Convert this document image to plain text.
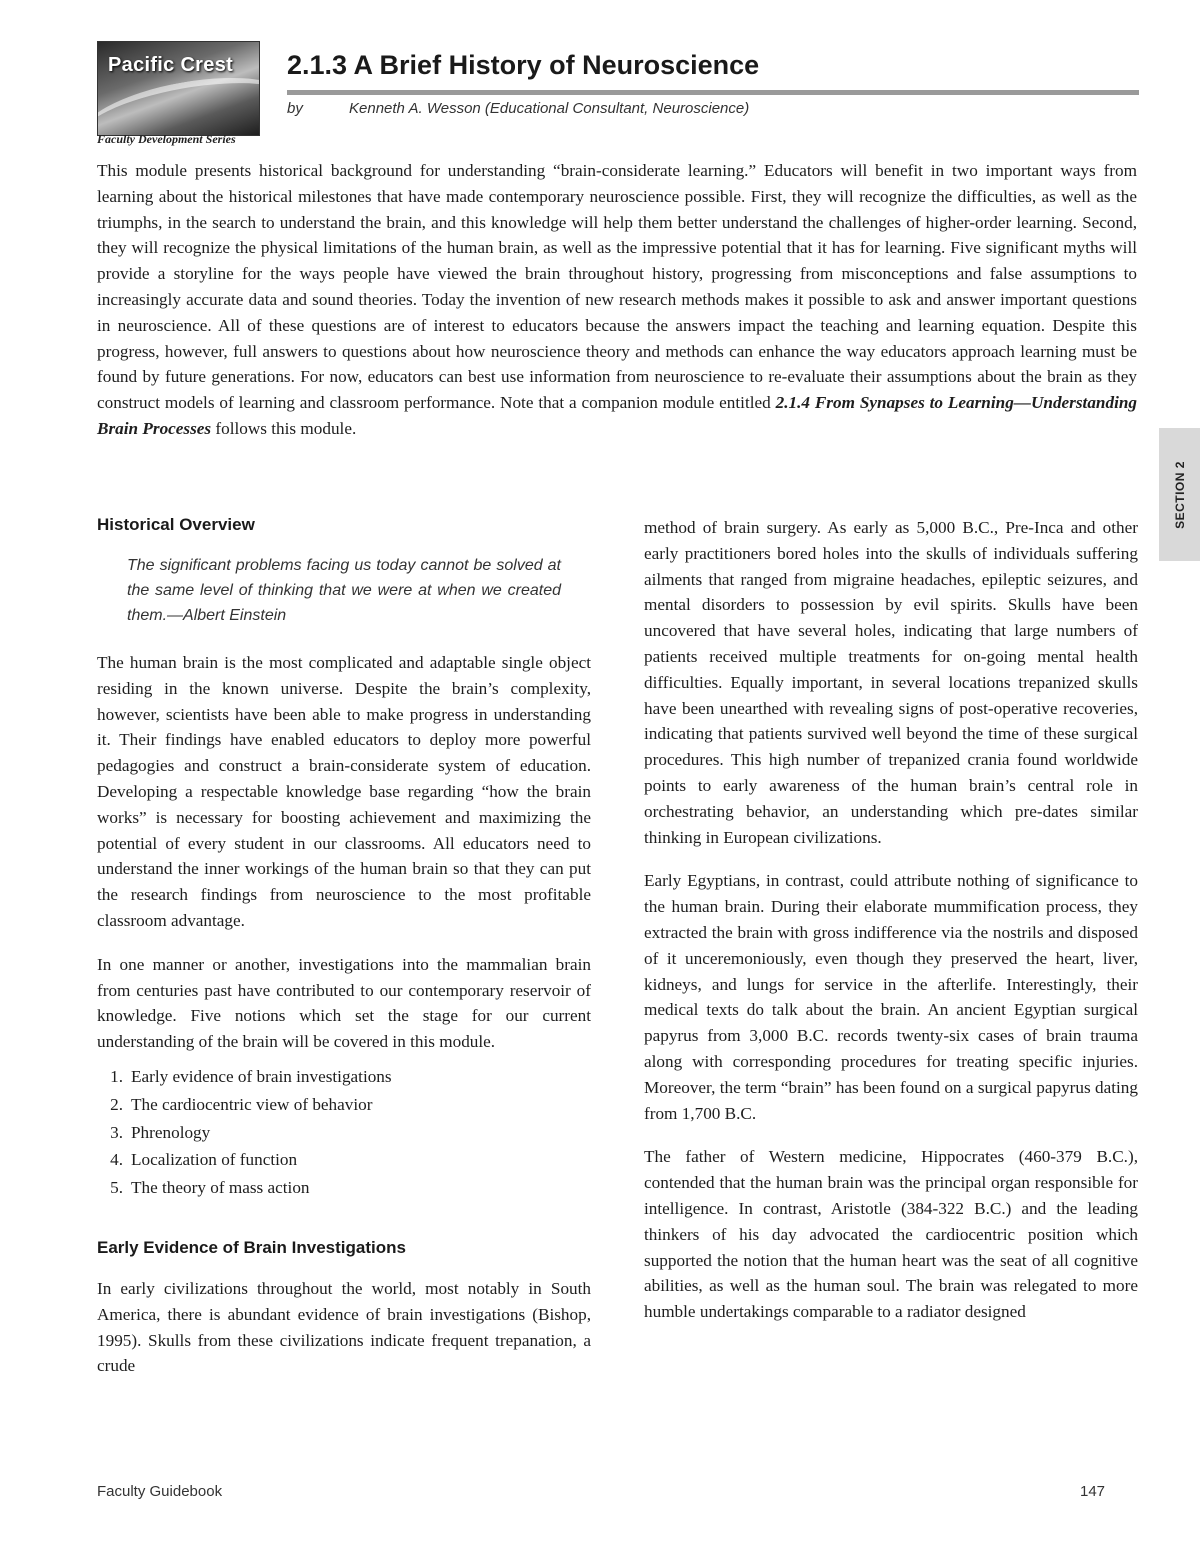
Pacific Crest
Faculty Development Series
2.1.3 A Brief History of Neuroscience
by	Kenneth A. Wesson (Educational Consultant, Neuroscience)

This module presents historical background for understanding “brain-considerate learning.” Educators will benefit in two important ways from learning about the historical milestones that have made contemporary neuroscience possible. First, they will recognize the difficulties, as well as the triumphs, in the search to understand the brain, and this knowledge will help them better understand the challenges of higher-order learning. Second, they will recognize the physical limitations of the human brain, as well as the impressive potential that it has for learning. Five significant myths will provide a storyline for the ways people have viewed the brain throughout history, progressing from misconceptions and false assumptions to increasingly accurate data and sound theories. Today the invention of new research methods makes it possible to ask and answer important questions in neuroscience. All of these questions are of interest to educators because the answers impact the teaching and learning equation. Despite this progress, however, full answers to questions about how neuroscience theory and methods can enhance the way educators approach learning must be found by future generations. For now, educators can best use information from neuroscience to re-evaluate their assumptions about the brain as they construct models of learning and classroom performance. Note that a companion module entitled 2.1.4 From Synapses to Learning—Understanding Brain Processes follows this module.

Historical Overview

The significant problems facing us today cannot be solved at the same level of thinking that we were at when we created them.—Albert Einstein

The human brain is the most complicated and adaptable single object residing in the known universe. Despite the brain’s complexity, however, scientists have been able to make progress in understanding it. Their findings have enabled educators to deploy more powerful pedagogies and construct a brain-considerate system of education. Developing a respectable knowledge base regarding “how the brain works” is necessary for boosting achievement and maximizing the potential of every student in our classrooms. All educators need to understand the inner workings of the human brain so that they can put the research findings from neuroscience to the most profitable classroom advantage.

In one manner or another, investigations into the mammalian brain from centuries past have contributed to our contemporary reservoir of knowledge. Five notions which set the stage for our current understanding of the brain will be covered in this module.

1. Early evidence of brain investigations
2. The cardiocentric view of behavior
3. Phrenology
4. Localization of function
5. The theory of mass action
Early Evidence of Brain Investigations

In early civilizations throughout the world, most notably in South America, there is abundant evidence of brain investigations (Bishop, 1995). Skulls from these civilizations indicate frequent trepanation, a crude

method of brain surgery. As early as 5,000 B.C., Pre-Inca and other early practitioners bored holes into the skulls of individuals suffering ailments that ranged from migraine headaches, epileptic seizures, and mental disorders to possession by evil spirits. Skulls have been uncovered that have several holes, indicating that large numbers of patients received multiple treatments for on-going mental health difficulties. Equally important, in several locations trepanized skulls have been unearthed with revealing signs of post-operative recoveries, indicating that patients survived well beyond the time of these surgical procedures. This high number of trepanized crania found worldwide points to early awareness of the human brain’s central role in orchestrating behavior, an understanding which pre-dates similar thinking in European civilizations.

Early Egyptians, in contrast, could attribute nothing of significance to the human brain. During their elaborate mummification process, they extracted the brain with gross indifference via the nostrils and disposed of it unceremoniously, even though they preserved the heart, liver, kidneys, and lungs for service in the afterlife. Interestingly, their medical texts do talk about the brain. An ancient Egyptian surgical papyrus from 3,000 B.C. records twenty-six cases of brain trauma along with corresponding procedures for treating specific injuries. Moreover, the term “brain” has been found on a surgical papyrus dating from 1,700 B.C.

The father of Western medicine, Hippocrates (460-379 B.C.), contended that the human brain was the principal organ responsible for intelligence. In contrast, Aristotle (384-322 B.C.) and the leading thinkers of his day advocated the cardiocentric position which supported the notion that the human heart was the seat of all cognitive abilities, as well as the human soul. The brain was relegated to more humble undertakings comparable to a radiator designed

SECTION 2
Faculty Guidebook	147
